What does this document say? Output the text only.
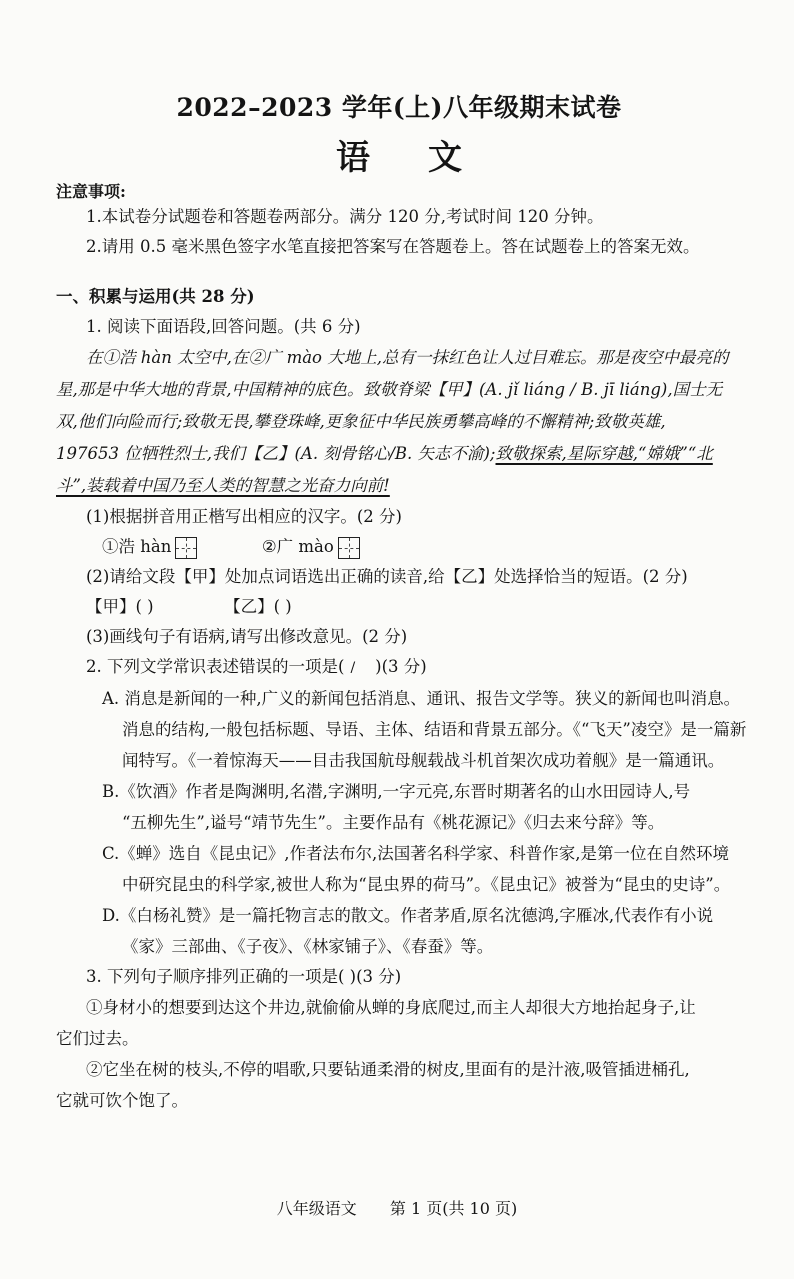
2022–2023 学年(上)八年级期末试卷
语文
注意事项:
1.本试卷分试题卷和答题卷两部分。满分 120 分,考试时间 120 分钟。
2.请用 0.5 毫米黑色签字水笔直接把答案写在答题卷上。答在试题卷上的答案无效。
一、积累与运用(共 28 分)
1. 阅读下面语段,回答问题。(共 6 分)
在①浩 hàn 太空中,在②广 mào 大地上,总有一抹红色让人过目难忘。那是夜空中最亮的
星,那是中华大地的背景,中国精神的底色。致敬脊梁【甲】(A. jǐ liáng / B. jī liáng),国士无
双,他们向险而行;致敬无畏,攀登珠峰,更象征中华民族勇攀高峰的不懈精神;致敬英雄,
197653 位牺牲烈士,我们【乙】(A. 刻骨铭心/B. 矢志不渝);致敬探索,星际穿越,“嫦娥”“北
斗”,装载着中国乃至人类的智慧之光奋力向前!
(1)根据拼音用正楷写出相应的汉字。(2 分)
①浩 hàn	②广 mào
(2)请给文段【甲】处加点词语选出正确的读音,给【乙】处选择恰当的短语。(2 分)
【甲】( )	【乙】( )
(3)画线句子有语病,请写出修改意见。(2 分)
2. 下列文学常识表述错误的一项是( / )(3 分)
A. 消息是新闻的一种,广义的新闻包括消息、通讯、报告文学等。狭义的新闻也叫消息。
消息的结构,一般包括标题、导语、主体、结语和背景五部分。《“飞天”凌空》是一篇新
闻特写。《一着惊海天——目击我国航母舰载战斗机首架次成功着舰》是一篇通讯。
B.《饮酒》作者是陶渊明,名潜,字渊明,一字元亮,东晋时期著名的山水田园诗人,号
“五柳先生”,谥号“靖节先生”。主要作品有《桃花源记》《归去来兮辞》等。
C.《蝉》选自《昆虫记》,作者法布尔,法国著名科学家、科普作家,是第一位在自然环境
中研究昆虫的科学家,被世人称为“昆虫界的荷马”。《昆虫记》被誉为“昆虫的史诗”。
D.《白杨礼赞》是一篇托物言志的散文。作者茅盾,原名沈德鸿,字雁冰,代表作有小说
《家》三部曲、《子夜》、《林家铺子》、《春蚕》等。
3. 下列句子顺序排列正确的一项是( )(3 分)
①身材小的想要到达这个井边,就偷偷从蝉的身底爬过,而主人却很大方地抬起身子,让
它们过去。
②它坐在树的枝头,不停的唱歌,只要钻通柔滑的树皮,里面有的是汁液,吸管插进桶孔,
它就可饮个饱了。
八年级语文 第 1 页(共 10 页)
